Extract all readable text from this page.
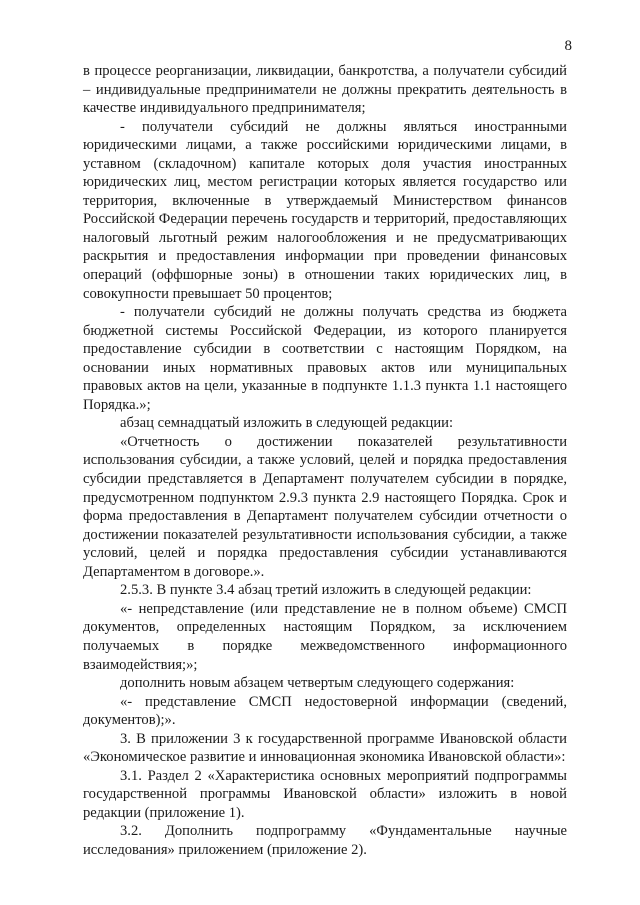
8

в процессе реорганизации, ликвидации, банкротства, а получатели субсидий – индивидуальные предприниматели не должны прекратить деятельность в качестве индивидуального предпринимателя;

- получатели субсидий не должны являться иностранными юридическими лицами, а также российскими юридическими лицами, в уставном (складочном) капитале которых доля участия иностранных юридических лиц, местом регистрации которых является государство или территория, включенные в утверждаемый Министерством финансов Российской Федерации перечень государств и территорий, предоставляющих налоговый льготный режим налогообложения и не предусматривающих раскрытия и предоставления информации при проведении финансовых операций (оффшорные зоны) в отношении таких юридических лиц, в совокупности превышает 50 процентов;

- получатели субсидий не должны получать средства из бюджета бюджетной системы Российской Федерации, из которого планируется предоставление субсидии в соответствии с настоящим Порядком, на основании иных нормативных правовых актов или муниципальных правовых актов на цели, указанные в подпункте 1.1.3 пункта 1.1 настоящего Порядка.»;

абзац семнадцатый изложить в следующей редакции:

«Отчетность о достижении показателей результативности использования субсидии, а также условий, целей и порядка предоставления субсидии представляется в Департамент получателем субсидии в порядке, предусмотренном подпунктом 2.9.3 пункта 2.9 настоящего Порядка. Срок и форма предоставления в Департамент получателем субсидии отчетности о достижении показателей результативности использования субсидии, а также условий, целей и порядка предоставления субсидии устанавливаются Департаментом в договоре.».

2.5.3. В пункте 3.4 абзац третий изложить в следующей редакции:

«- непредставление (или представление не в полном объеме) СМСП документов, определенных настоящим Порядком, за исключением получаемых в порядке межведомственного информационного взаимодействия;»;

дополнить новым абзацем четвертым следующего содержания:

«- представление СМСП недостоверной информации (сведений, документов);».

3. В приложении 3 к государственной программе Ивановской области «Экономическое развитие и инновационная экономика Ивановской области»:

3.1. Раздел 2 «Характеристика основных мероприятий подпрограммы государственной программы Ивановской области» изложить в новой редакции (приложение 1).

3.2. Дополнить подпрограмму «Фундаментальные научные исследования» приложением (приложение 2).
